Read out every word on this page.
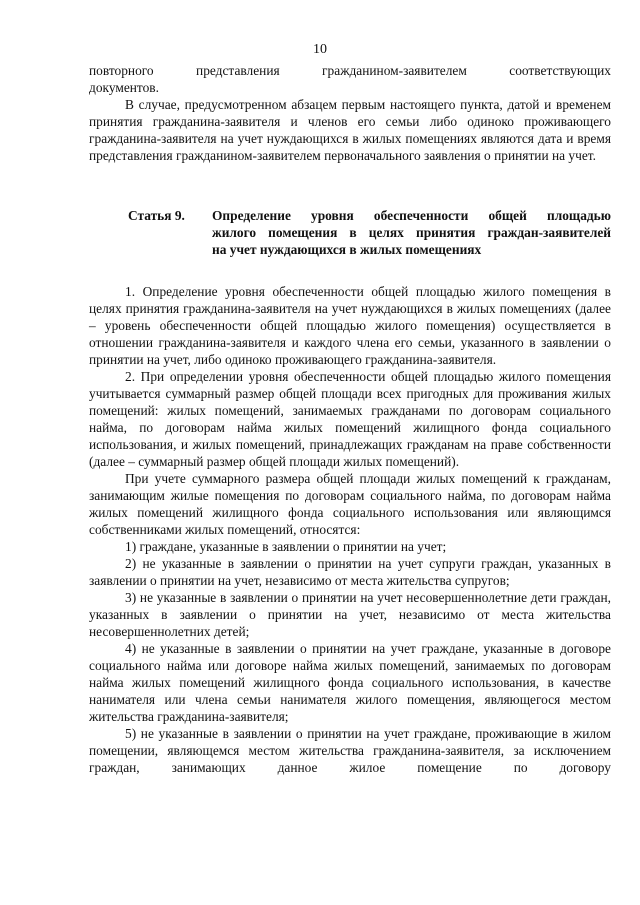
10

повторного представления гражданином-заявителем соответствующих

документов.

В случае, предусмотренном абзацем первым настоящего пункта, датой и временем принятия гражданина-заявителя и членов его семьи либо одиноко проживающего гражданина-заявителя на учет нуждающихся в жилых помещениях являются дата и время представления гражданином-заявителем первоначального заявления о принятии на учет.

Статья 9.	Определение уровня обеспеченности общей площадью
жилого помещения в целях принятия граждан-заявителей
на учет нуждающихся в жилых помещениях

1. Определение уровня обеспеченности общей площадью жилого помещения в целях принятия гражданина-заявителя на учет нуждающихся в жилых помещениях (далее – уровень обеспеченности общей площадью жилого помещения) осуществляется в отношении гражданина-заявителя и каждого члена его семьи, указанного в заявлении о принятии на учет, либо одиноко проживающего гражданина-заявителя.

2. При определении уровня обеспеченности общей площадью жилого помещения учитывается суммарный размер общей площади всех пригодных для проживания жилых помещений: жилых помещений, занимаемых гражданами по договорам социального найма, по договорам найма жилых помещений жилищного фонда социального использования, и жилых помещений, принадлежащих гражданам на праве собственности (далее – суммарный размер общей площади жилых помещений).

При учете суммарного размера общей площади жилых помещений к гражданам, занимающим жилые помещения по договорам социального найма, по договорам найма жилых помещений жилищного фонда социального использования или являющимся собственниками жилых помещений, относятся:

1) граждане, указанные в заявлении о принятии на учет;

2) не указанные в заявлении о принятии на учет супруги граждан, указанных в заявлении о принятии на учет, независимо от места жительства супругов;

3) не указанные в заявлении о принятии на учет несовершеннолетние дети граждан, указанных в заявлении о принятии на учет, независимо от места жительства несовершеннолетних детей;

4) не указанные в заявлении о принятии на учет граждане, указанные в договоре социального найма или договоре найма жилых помещений, занимаемых по договорам найма жилых помещений жилищного фонда социального использования, в качестве нанимателя или члена семьи нанимателя жилого помещения, являющегося местом жительства гражданина-заявителя;

5) не указанные в заявлении о принятии на учет граждане, проживающие в жилом помещении, являющемся местом жительства гражданина-заявителя, за исключением граждан, занимающих данное жилое помещение по договору
